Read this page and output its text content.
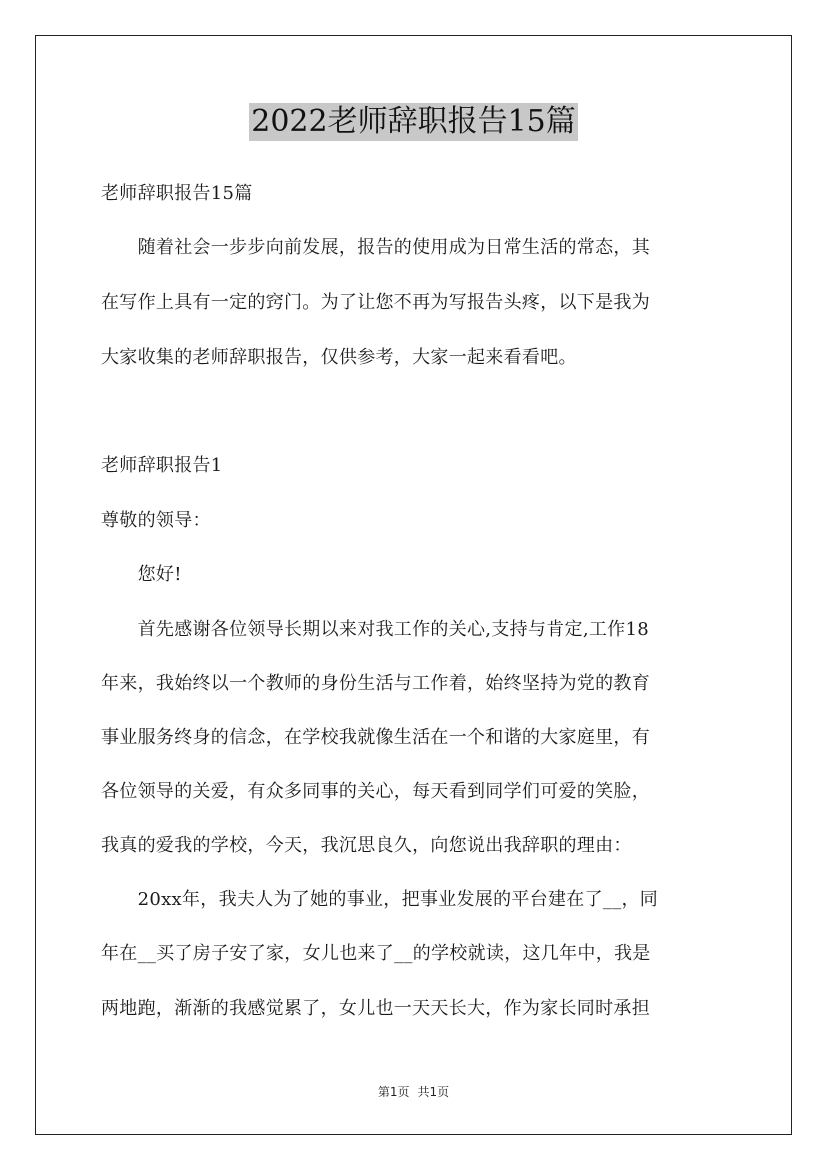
2022老师辞职报告15篇
老师辞职报告15篇
　　随着社会一步步向前发展，报告的使用成为日常生活的常态，其
在写作上具有一定的窍门。为了让您不再为写报告头疼，以下是我为
大家收集的老师辞职报告，仅供参考，大家一起来看看吧。
老师辞职报告1
尊敬的领导：
　　您好!
　　首先感谢各位领导长期以来对我工作的关心,支持与肯定,工作18
年来，我始终以一个教师的身份生活与工作着，始终坚持为党的教育
事业服务终身的信念，在学校我就像生活在一个和谐的大家庭里，有
各位领导的关爱，有众多同事的关心，每天看到同学们可爱的笑脸，
我真的爱我的学校，今天，我沉思良久，向您说出我辞职的理由：
　　20xx年，我夫人为了她的事业，把事业发展的平台建在了__，同
年在__买了房子安了家，女儿也来了__的学校就读，这几年中，我是
两地跑，渐渐的我感觉累了，女儿也一天天长大，作为家长同时承担
第1页 共1页
